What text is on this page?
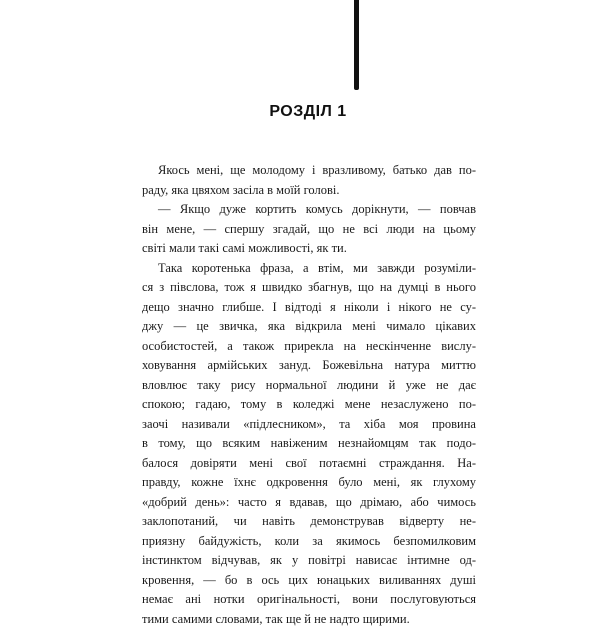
РОЗДІЛ 1
Якось мені, ще молодому і вразливому, батько дав по-
раду, яка цвяхом засіла в моїй голові.
— Якщо дуже кортить комусь дорікнути, — повчав
він мене, — спершу згадай, що не всі люди на цьому
світі мали такі самі можливості, як ти.
Така коротенька фраза, а втім, ми завжди розуміли-
ся з півслова, тож я швидко збагнув, що на думці в нього
дещо значно глибше. І відтоді я ніколи і нікого не су-
джу — це звичка, яка відкрила мені чимало цікавих
особистостей, а також прирекла на нескінченне вислу-
ховування армійських зануд. Божевільна натура миттю
вловлює таку рису нормальної людини й уже не дає
спокою; гадаю, тому в коледжі мене незаслужено по-
заочі називали «підлесником», та хіба моя провина
в тому, що всяким навіженим незнайомцям так подо-
балося довіряти мені свої потаємні страждання. На-
правду, кожне їхнє одкровення було мені, як глухому
«добрий день»: часто я вдавав, що дрімаю, або чимось
заклопотаний, чи навіть демонстрував відверту не-
приязну байдужість, коли за якимось безпомилковим
інстинктом відчував, як у повітрі нависає інтимне од-
кровення, — бо в ось цих юнацьких виливаннях душі
немає ані нотки оригінальності, вони послуговуються
тими самими словами, так ще й не надто щирими.
